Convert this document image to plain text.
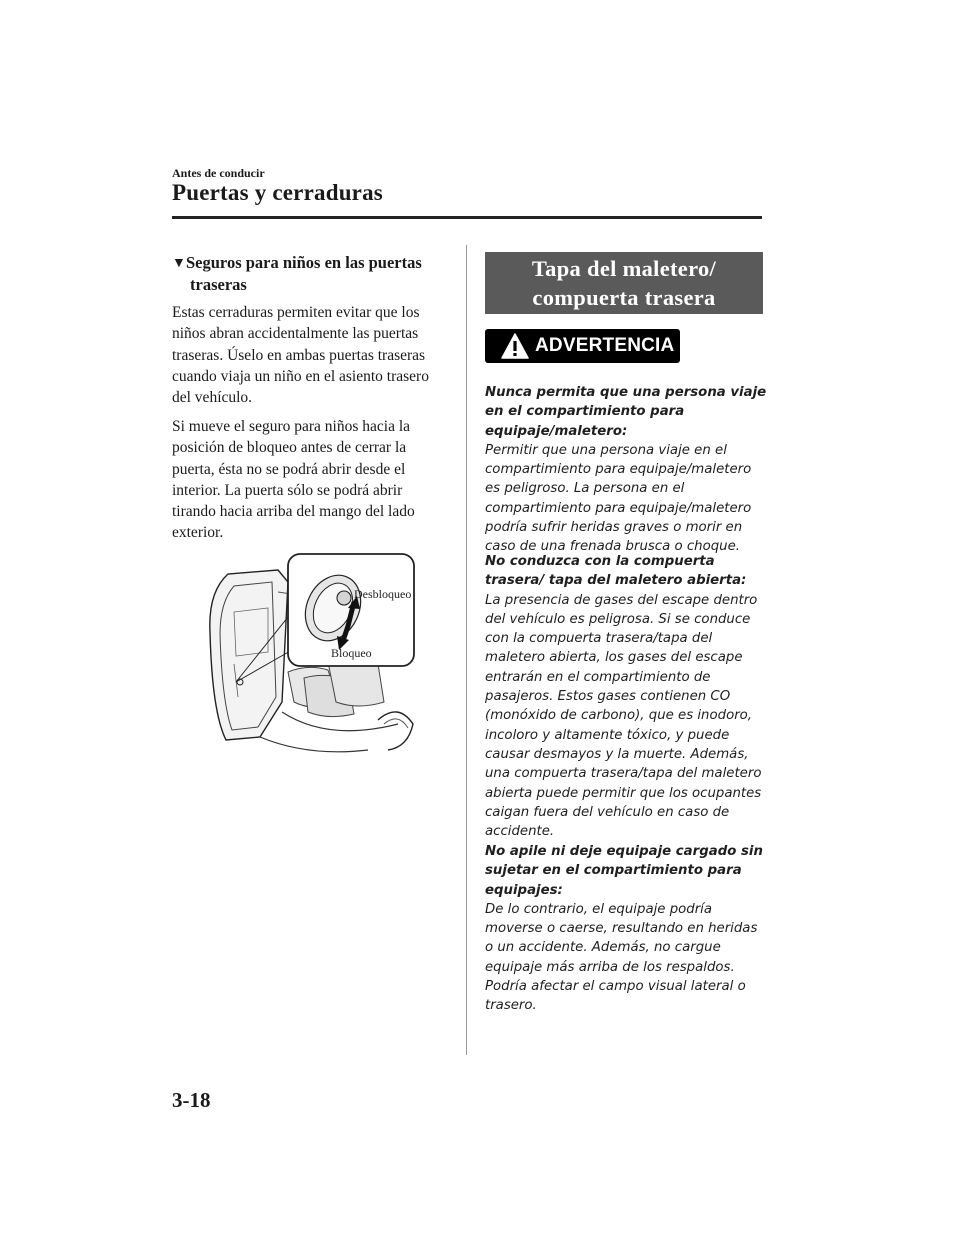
Antes de conducir
Puertas y cerraduras
▼Seguros para niños en las puertas
traseras
Estas cerraduras permiten evitar que los niños abran accidentalmente las puertas traseras. Úselo en ambas puertas traseras cuando viaja un niño en el asiento trasero del vehículo.
Si mueve el seguro para niños hacia la posición de bloqueo antes de cerrar la puerta, ésta no se podrá abrir desde el interior. La puerta sólo se podrá abrir tirando hacia arriba del mango del lado exterior.
Desbloqueo
Bloqueo
Tapa del maletero/
compuerta trasera
ADVERTENCIA
Nunca permita que una persona viaje en el compartimiento para equipaje/maletero:
Permitir que una persona viaje en el compartimiento para equipaje/maletero es peligroso. La persona en el compartimiento para equipaje/maletero podría sufrir heridas graves o morir en caso de una frenada brusca o choque.
No conduzca con la compuerta trasera/ tapa del maletero abierta:
La presencia de gases del escape dentro del vehículo es peligrosa. Si se conduce con la compuerta trasera/tapa del maletero abierta, los gases del escape entrarán en el compartimiento de pasajeros. Estos gases contienen CO (monóxido de carbono), que es inodoro, incoloro y altamente tóxico, y puede causar desmayos y la muerte. Además, una compuerta trasera/tapa del maletero abierta puede permitir que los ocupantes caigan fuera del vehículo en caso de accidente.
No apile ni deje equipaje cargado sin sujetar en el compartimiento para equipajes:
De lo contrario, el equipaje podría moverse o caerse, resultando en heridas o un accidente. Además, no cargue equipaje más arriba de los respaldos. Podría afectar el campo visual lateral o trasero.
3-18
